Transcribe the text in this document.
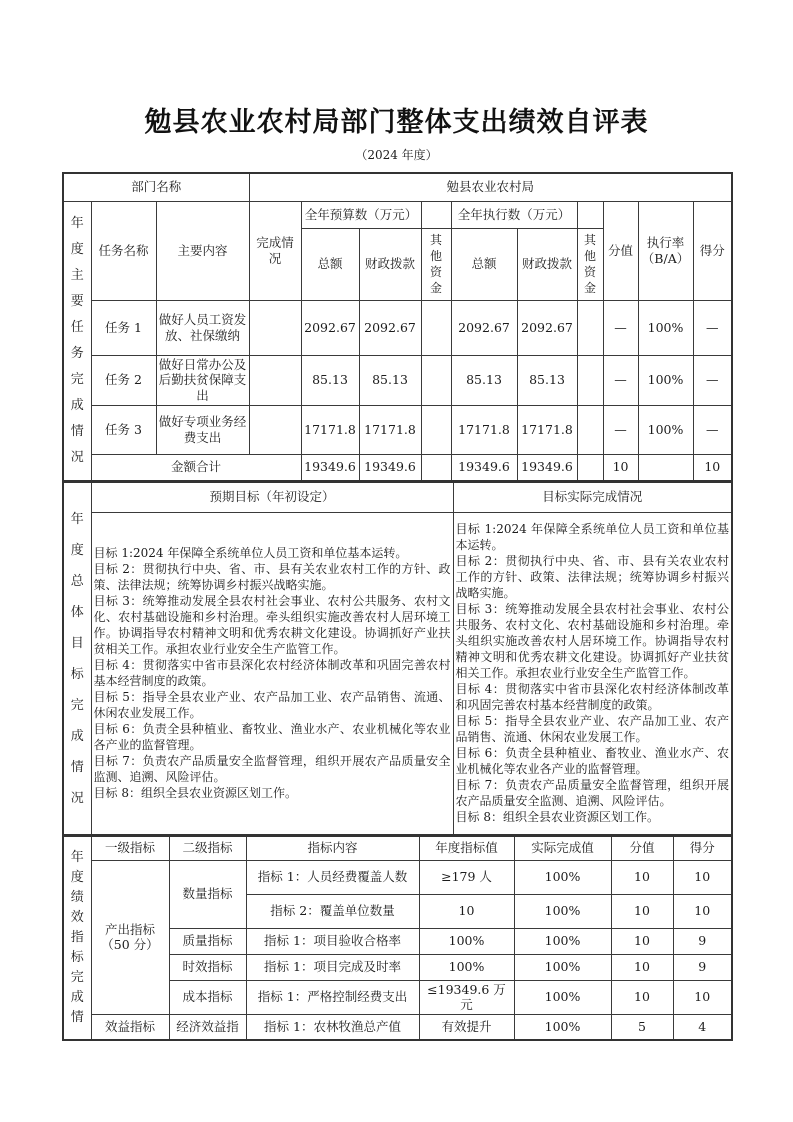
勉县农业农村局部门整体支出绩效自评表
（2024 年度）
部门名称			勉县农业农村局									

年度主要任务完成情况	任务名称	主要内容	完成情况	全年预算数（万元）			全年执行数（万元）			分值	执行率（B/A）	得分
				总额	财政拨款	其他资金	总额	财政拨款	其他资金			

	任务 1	做好人员工资发放、社保缴纳		2092.67	2092.67		2092.67	2092.67		—	100%	—
	任务 2	做好日常办公及后勤扶贫保障支出		85.13	85.13		85.13	85.13		—	100%	—
	任务 3	做好专项业务经费支出		17171.8	17171.8		17171.8	17171.8		—	100%	—
	金额合计			19349.6	19349.6		19349.6	19349.6		10		10
年度总体目标完成情况	预期目标（年初设定）	目标实际完成情况

目标 1:2024 年保障全系统单位人员工资和单位基本运转。
目标 2：贯彻执行中央、省、市、县有关农业农村工作的方针、政策、法律法规；统筹协调乡村振兴战略实施。
目标 3：统筹推动发展全县农村社会事业、农村公共服务、农村文化、农村基础设施和乡村治理。牵头组织实施改善农村人居环境工作。协调指导农村精神文明和优秀农耕文化建设。协调抓好产业扶贫相关工作。承担农业行业安全生产监管工作。
目标 4：贯彻落实中省市县深化农村经济体制改革和巩固完善农村基本经营制度的政策。
目标 5：指导全县农业产业、农产品加工业、农产品销售、流通、休闲农业发展工作。
目标 6：负责全县种植业、畜牧业、渔业水产、农业机械化等农业各产业的监督管理。
目标 7：负责农产品质量安全监督管理，组织开展农产品质量安全监测、追溯、风险评估。
目标 8：组织全县农业资源区划工作。

目标 1:2024 年保障全系统单位人员工资和单位基本运转。
目标 2：贯彻执行中央、省、市、县有关农业农村工作的方针、政策、法律法规；统筹协调乡村振兴战略实施。
目标 3：统筹推动发展全县农村社会事业、农村公共服务、农村文化、农村基础设施和乡村治理。牵头组织实施改善农村人居环境工作。协调指导农村精神文明和优秀农耕文化建设。协调抓好产业扶贫相关工作。承担农业行业安全生产监管工作。
目标 4：贯彻落实中省市县深化农村经济体制改革和巩固完善农村基本经营制度的政策。
目标 5：指导全县农业产业、农产品加工业、农产品销售、流通、休闲农业发展工作。
目标 6：负责全县种植业、畜牧业、渔业水产、农业机械化等农业各产业的监督管理。
目标 7：负责农产品质量安全监督管理，组织开展农产品质量安全监测、追溯、风险评估。
目标 8：组织全县农业资源区划工作。
年度绩效指标完成情	一级指标	二级指标	指标内容	年度指标值	实际完成值	分值	得分
	产出指标（50 分）	数量指标	指标 1：人员经费覆盖人数	≥179 人	100%	10	10
			指标 2：覆盖单位数量	10	100%	10	10
		质量指标	指标 1：项目验收合格率	100%	100%	10	9
		时效指标	指标 1：项目完成及时率	100%	100%	10	9
		成本指标	指标 1：严格控制经费支出	≤19349.6 万元	100%	10	10
	效益指标	经济效益指	指标 1：农林牧渔总产值	有效提升	100%	5	4
